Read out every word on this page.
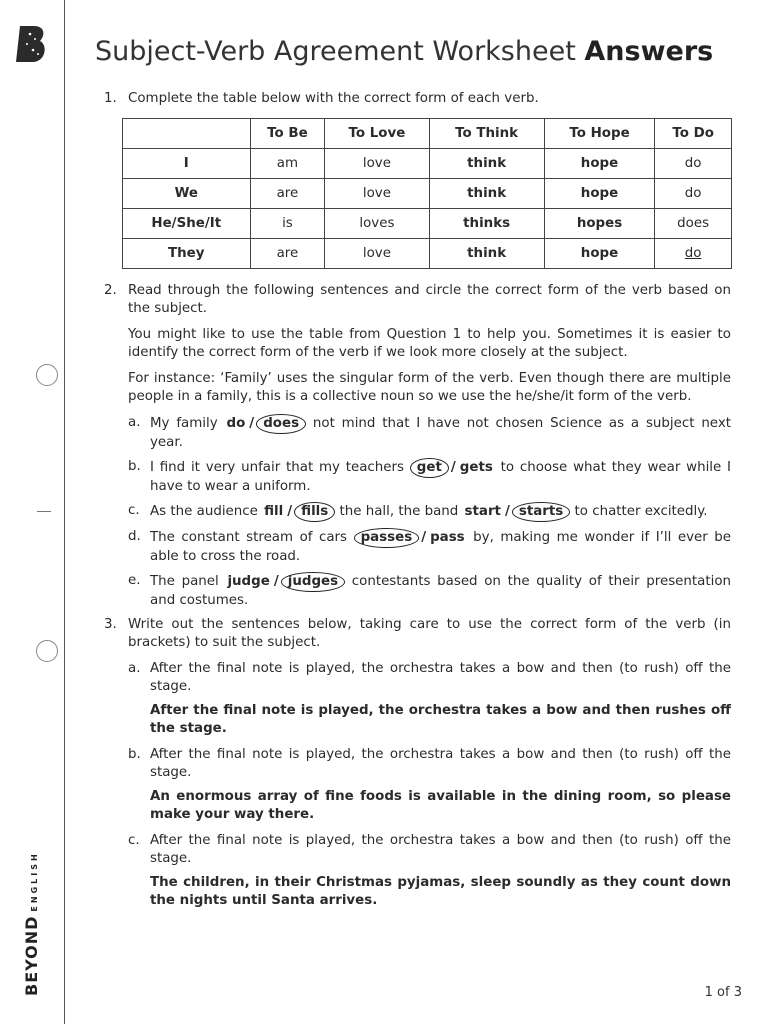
BEYONDENGLISH
Subject-Verb Agreement Worksheet Answers
1. Complete the table below with the correct form of each verb.

	To Be	To Love	To Think	To Hope	To Do
I	am	love	think	hope	do
We	are	love	think	hope	do
He/She/It	is	loves	thinks	hopes	does
They	are	love	think	hope	do
2. Read through the following sentences and circle the correct form of the verb based on the subject.

You might like to use the table from Question 1 to help you. Sometimes it is easier to identify the correct form of the verb if we look more closely at the subject.

For instance: ‘Family’ uses the singular form of the verb. Even though there are multiple people in a family, this is a collective noun so we use the he/she/it form of the verb.

a. My family do/does not mind that I have not chosen Science as a subject next year.
b. I find it very unfair that my teachers get/gets to choose what they wear while I have to wear a uniform.
c. As the audience fill/fills the hall, the band start/starts to chatter excitedly.
d. The constant stream of cars passes/pass by, making me wonder if I’ll ever be able to cross the road.
e. The panel judge/judges contestants based on the quality of their presentation and costumes.
3. Write out the sentences below, taking care to use the correct form of the verb (in brackets) to suit the subject.

a. After the final note is played, the orchestra takes a bow and then (to rush) off the stage.
After the final note is played, the orchestra takes a bow and then rushes off the stage.
b. After the final note is played, the orchestra takes a bow and then (to rush) off the stage.
An enormous array of fine foods is available in the dining room, so please make your way there.
c. After the final note is played, the orchestra takes a bow and then (to rush) off the stage.
The children, in their Christmas pyjamas, sleep soundly as they count down the nights until Santa arrives.
1 of 3
